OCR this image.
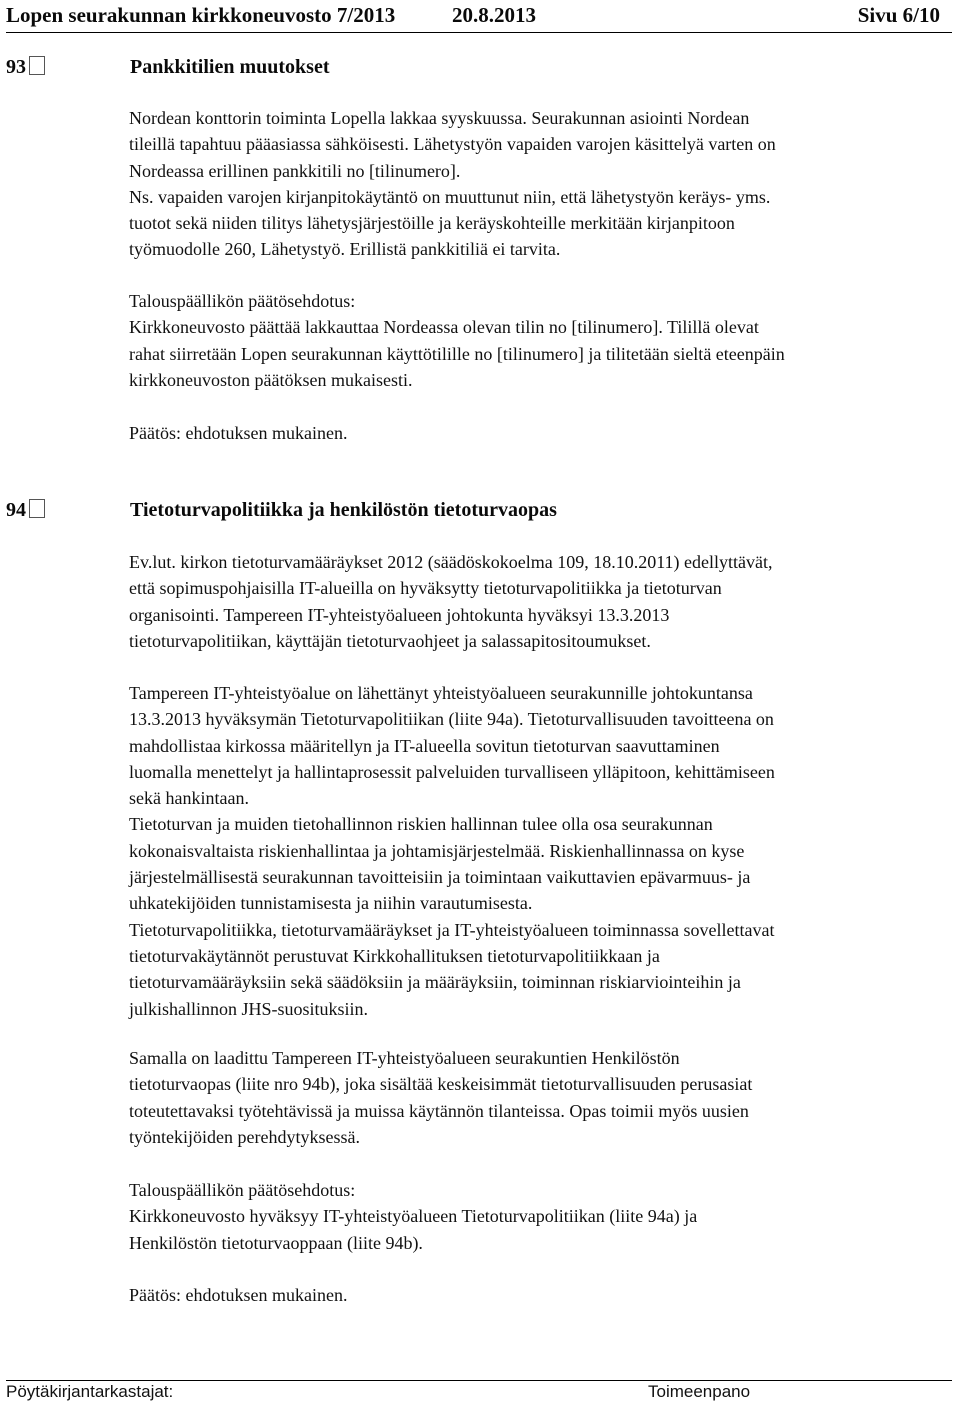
Lopen seurakunnan kirkkoneuvosto 7/2013	20.8.2013	Sivu 6/10
93	Pankkitilien muutokset
Nordean konttorin toiminta Lopella lakkaa syyskuussa. Seurakunnan asiointi Nordean
tileillä tapahtuu pääasiassa sähköisesti. Lähetystyön vapaiden varojen käsittelyä varten on
Nordeassa erillinen pankkitili no [tilinumero].
Ns. vapaiden varojen kirjanpitokäytäntö on muuttunut niin, että lähetystyön keräys- yms.
tuotot sekä niiden tilitys lähetysjärjestöille ja keräyskohteille merkitään kirjanpitoon
työmuodolle 260, Lähetystyö. Erillistä pankkitiliä ei tarvita.
Talouspäällikön päätösehdotus:
Kirkkoneuvosto päättää lakkauttaa Nordeassa olevan tilin no [tilinumero]. Tilillä olevat
rahat siirretään Lopen seurakunnan käyttötilille no [tilinumero] ja tilitetään sieltä eteenpäin
kirkkoneuvoston päätöksen mukaisesti.
Päätös: ehdotuksen mukainen.
94	Tietoturvapolitiikka ja henkilöstön tietoturvaopas
Ev.lut. kirkon tietoturvamääräykset 2012 (säädöskokoelma 109, 18.10.2011) edellyttävät,
että sopimuspohjaisilla IT-alueilla on hyväksytty tietoturvapolitiikka ja tietoturvan
organisointi. Tampereen IT-yhteistyöalueen johtokunta hyväksyi 13.3.2013
tietoturvapolitiikan, käyttäjän tietoturvaohjeet ja salassapitositoumukset.
Tampereen IT-yhteistyöalue on lähettänyt yhteistyöalueen seurakunnille johtokuntansa
13.3.2013 hyväksymän Tietoturvapolitiikan (liite 94a). Tietoturvallisuuden tavoitteena on
mahdollistaa kirkossa määritellyn ja IT-alueella sovitun tietoturvan saavuttaminen
luomalla menettelyt ja hallintaprosessit palveluiden turvalliseen ylläpitoon, kehittämiseen
sekä hankintaan.
Tietoturvan ja muiden tietohallinnon riskien hallinnan tulee olla osa seurakunnan
kokonaisvaltaista riskienhallintaa ja johtamisjärjestelmää. Riskienhallinnassa on kyse
järjestelmällisestä seurakunnan tavoitteisiin ja toimintaan vaikuttavien epävarmuus- ja
uhkatekijöiden tunnistamisesta ja niihin varautumisesta.
Tietoturvapolitiikka, tietoturvamääräykset ja IT-yhteistyöalueen toiminnassa sovellettavat
tietoturvakäytännöt perustuvat Kirkkohallituksen tietoturvapolitiikkaan ja
tietoturvamääräyksiin sekä säädöksiin ja määräyksiin, toiminnan riskiarviointeihin ja
julkishallinnon JHS-suosituksiin.
Samalla on laadittu Tampereen IT-yhteistyöalueen seurakuntien Henkilöstön
tietoturvaopas (liite nro 94b), joka sisältää keskeisimmät tietoturvallisuuden perusasiat
toteutettavaksi työtehtävissä ja muissa käytännön tilanteissa. Opas toimii myös uusien
työntekijöiden perehdytyksessä.
Talouspäällikön päätösehdotus:
Kirkkoneuvosto hyväksyy IT-yhteistyöalueen Tietoturvapolitiikan (liite 94a) ja
Henkilöstön tietoturvaoppaan (liite 94b).
Päätös: ehdotuksen mukainen.
Pöytäkirjantarkastajat:	Toimeenpano
